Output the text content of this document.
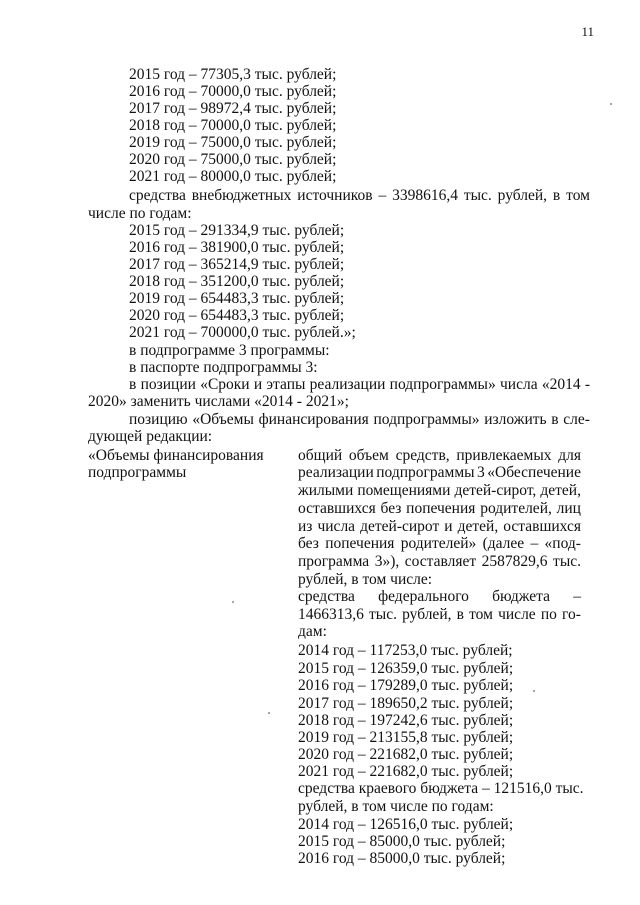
11
2015 год – 77305,3 тыс. рублей;
2016 год – 70000,0 тыс. рублей;
2017 год – 98972,4 тыс. рублей;
2018 год – 70000,0 тыс. рублей;
2019 год – 75000,0 тыс. рублей;
2020 год – 75000,0 тыс. рублей;
2021 год – 80000,0 тыс. рублей;
средства внебюджетных источников – 3398616,4 тыс. рублей, в том
числе по годам:
2015 год – 291334,9 тыс. рублей;
2016 год – 381900,0 тыс. рублей;
2017 год – 365214,9 тыс. рублей;
2018 год – 351200,0 тыс. рублей;
2019 год – 654483,3 тыс. рублей;
2020 год – 654483,3 тыс. рублей;
2021 год – 700000,0 тыс. рублей.»;
в подпрограмме 3 программы:
в паспорте подпрограммы 3:
в позиции «Сроки и этапы реализации подпрограммы» числа «2014 -
2020» заменить числами «2014 - 2021»;
позицию «Объемы финансирования подпрограммы» изложить в сле-
дующей редакции:
«Объемы финансирования
подпрограммы
общий объем средств, привлекаемых для
реализации подпрограммы 3 «Обеспечение
жилыми помещениями детей-сирот, детей,
оставшихся без попечения родителей, лиц
из числа детей-сирот и детей, оставшихся
без попечения родителей» (далее – «под-
программа 3»), составляет 2587829,6 тыс.
рублей, в том числе:
средства федерального бюджета –
1466313,6 тыс. рублей, в том числе по го-
дам:
2014 год – 117253,0 тыс. рублей;
2015 год – 126359,0 тыс. рублей;
2016 год – 179289,0 тыс. рублей;
2017 год – 189650,2 тыс. рублей;
2018 год – 197242,6 тыс. рублей;
2019 год – 213155,8 тыс. рублей;
2020 год – 221682,0 тыс. рублей;
2021 год – 221682,0 тыс. рублей;
средства краевого бюджета – 121516,0 тыс.
рублей, в том числе по годам:
2014 год – 126516,0 тыс. рублей;
2015 год – 85000,0 тыс. рублей;
2016 год – 85000,0 тыс. рублей;
